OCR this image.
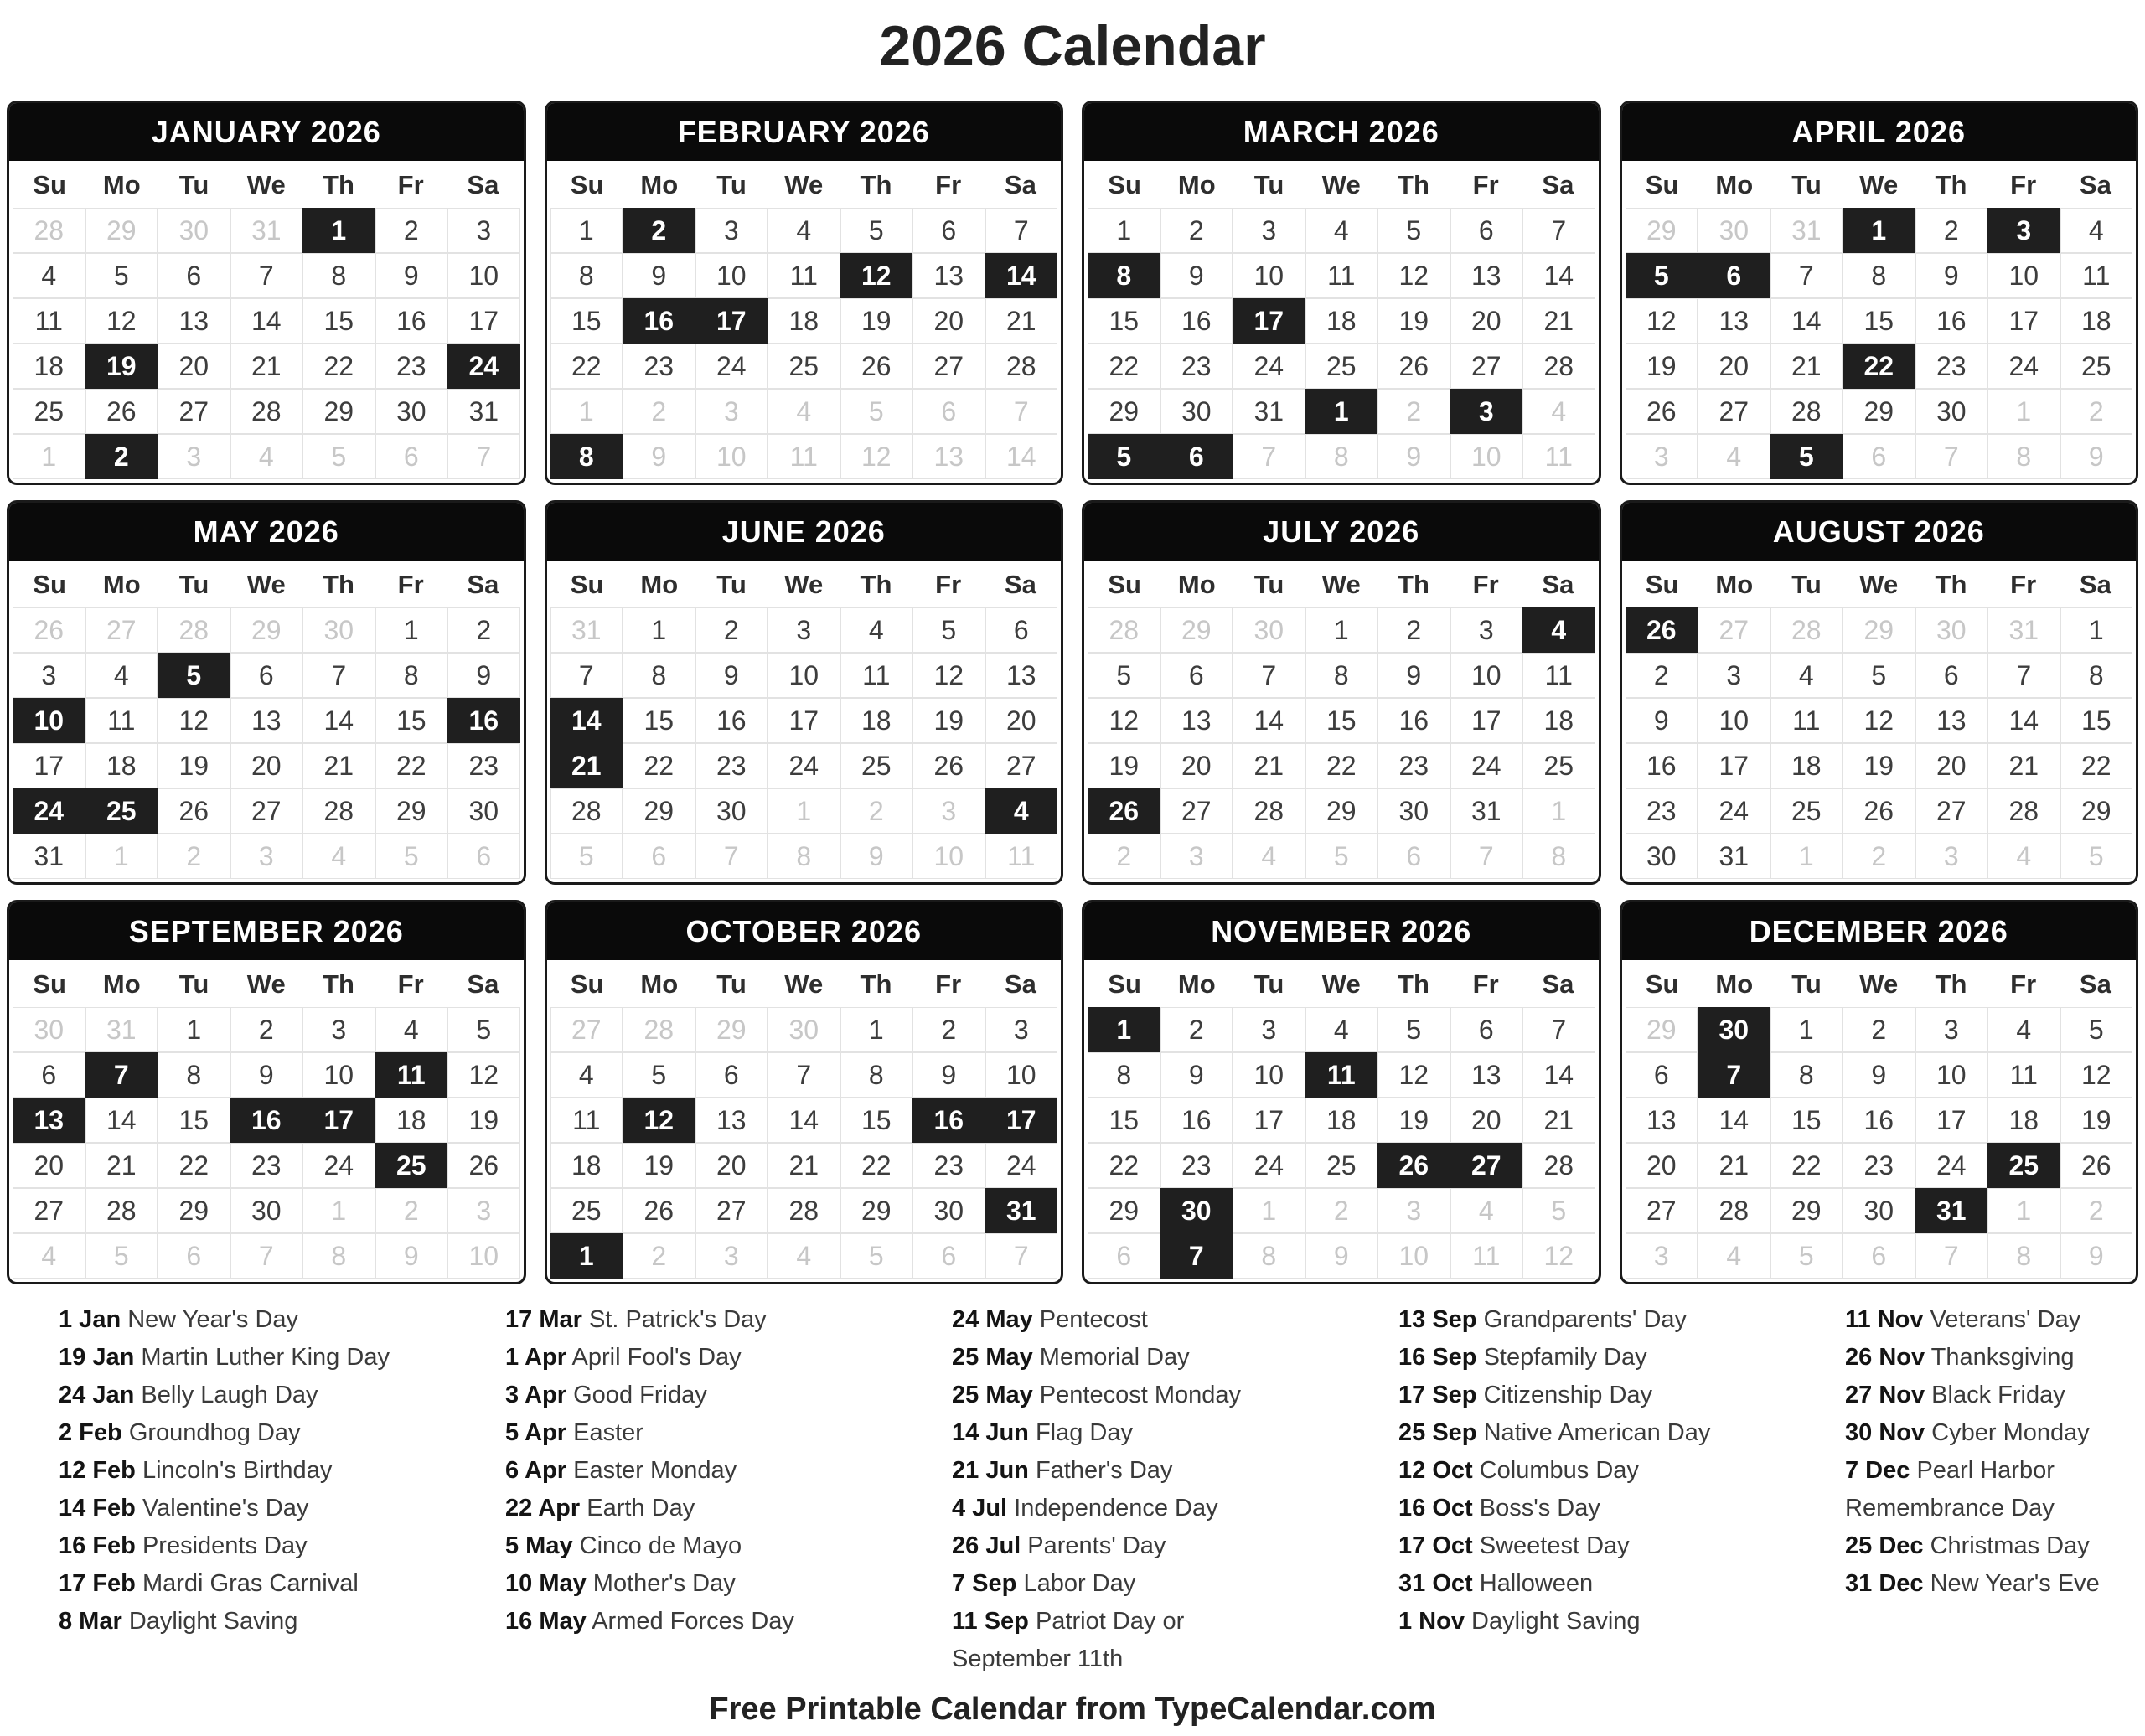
2026 Calendar
JANUARY 2026
Su	Mo	Tu	We	Th	Fr	Sa
28	29	30	31	1	2	3
4	5	6	7	8	9	10
11	12	13	14	15	16	17
18	19	20	21	22	23	24
25	26	27	28	29	30	31
1	2	3	4	5	6	7
FEBRUARY 2026
Su	Mo	Tu	We	Th	Fr	Sa
1	2	3	4	5	6	7
8	9	10	11	12	13	14
15	16	17	18	19	20	21
22	23	24	25	26	27	28
1	2	3	4	5	6	7
8	9	10	11	12	13	14
MARCH 2026
Su	Mo	Tu	We	Th	Fr	Sa
1	2	3	4	5	6	7
8	9	10	11	12	13	14
15	16	17	18	19	20	21
22	23	24	25	26	27	28
29	30	31	1	2	3	4
5	6	7	8	9	10	11
APRIL 2026
Su	Mo	Tu	We	Th	Fr	Sa
29	30	31	1	2	3	4
5	6	7	8	9	10	11
12	13	14	15	16	17	18
19	20	21	22	23	24	25
26	27	28	29	30	1	2
3	4	5	6	7	8	9
MAY 2026
Su	Mo	Tu	We	Th	Fr	Sa
26	27	28	29	30	1	2
3	4	5	6	7	8	9
10	11	12	13	14	15	16
17	18	19	20	21	22	23
24	25	26	27	28	29	30
31	1	2	3	4	5	6
JUNE 2026
Su	Mo	Tu	We	Th	Fr	Sa
31	1	2	3	4	5	6
7	8	9	10	11	12	13
14	15	16	17	18	19	20
21	22	23	24	25	26	27
28	29	30	1	2	3	4
5	6	7	8	9	10	11
JULY 2026
Su	Mo	Tu	We	Th	Fr	Sa
28	29	30	1	2	3	4
5	6	7	8	9	10	11
12	13	14	15	16	17	18
19	20	21	22	23	24	25
26	27	28	29	30	31	1
2	3	4	5	6	7	8
AUGUST 2026
Su	Mo	Tu	We	Th	Fr	Sa
26	27	28	29	30	31	1
2	3	4	5	6	7	8
9	10	11	12	13	14	15
16	17	18	19	20	21	22
23	24	25	26	27	28	29
30	31	1	2	3	4	5
SEPTEMBER 2026
Su	Mo	Tu	We	Th	Fr	Sa
30	31	1	2	3	4	5
6	7	8	9	10	11	12
13	14	15	16	17	18	19
20	21	22	23	24	25	26
27	28	29	30	1	2	3
4	5	6	7	8	9	10
OCTOBER 2026
Su	Mo	Tu	We	Th	Fr	Sa
27	28	29	30	1	2	3
4	5	6	7	8	9	10
11	12	13	14	15	16	17
18	19	20	21	22	23	24
25	26	27	28	29	30	31
1	2	3	4	5	6	7
NOVEMBER 2026
Su	Mo	Tu	We	Th	Fr	Sa
1	2	3	4	5	6	7
8	9	10	11	12	13	14
15	16	17	18	19	20	21
22	23	24	25	26	27	28
29	30	1	2	3	4	5
6	7	8	9	10	11	12
DECEMBER 2026
Su	Mo	Tu	We	Th	Fr	Sa
29	30	1	2	3	4	5
6	7	8	9	10	11	12
13	14	15	16	17	18	19
20	21	22	23	24	25	26
27	28	29	30	31	1	2
3	4	5	6	7	8	9
1 Jan New Year's Day
19 Jan Martin Luther King Day
24 Jan Belly Laugh Day
2 Feb Groundhog Day
12 Feb Lincoln's Birthday
14 Feb Valentine's Day
16 Feb Presidents Day
17 Feb Mardi Gras Carnival
8 Mar Daylight Saving
17 Mar St. Patrick's Day
1 Apr April Fool's Day
3 Apr Good Friday
5 Apr Easter
6 Apr Easter Monday
22 Apr Earth Day
5 May Cinco de Mayo
10 May Mother's Day
16 May Armed Forces Day
24 May Pentecost
25 May Memorial Day
25 May Pentecost Monday
14 Jun Flag Day
21 Jun Father's Day
4 Jul Independence Day
26 Jul Parents' Day
7 Sep Labor Day
11 Sep Patriot Day or September 11th
13 Sep Grandparents' Day
16 Sep Stepfamily Day
17 Sep Citizenship Day
25 Sep Native American Day
12 Oct Columbus Day
16 Oct Boss's Day
17 Oct Sweetest Day
31 Oct Halloween
1 Nov Daylight Saving
11 Nov Veterans' Day
26 Nov Thanksgiving
27 Nov Black Friday
30 Nov Cyber Monday
7 Dec Pearl Harbor Remembrance Day
25 Dec Christmas Day
31 Dec New Year's Eve
Free Printable Calendar from TypeCalendar.com
